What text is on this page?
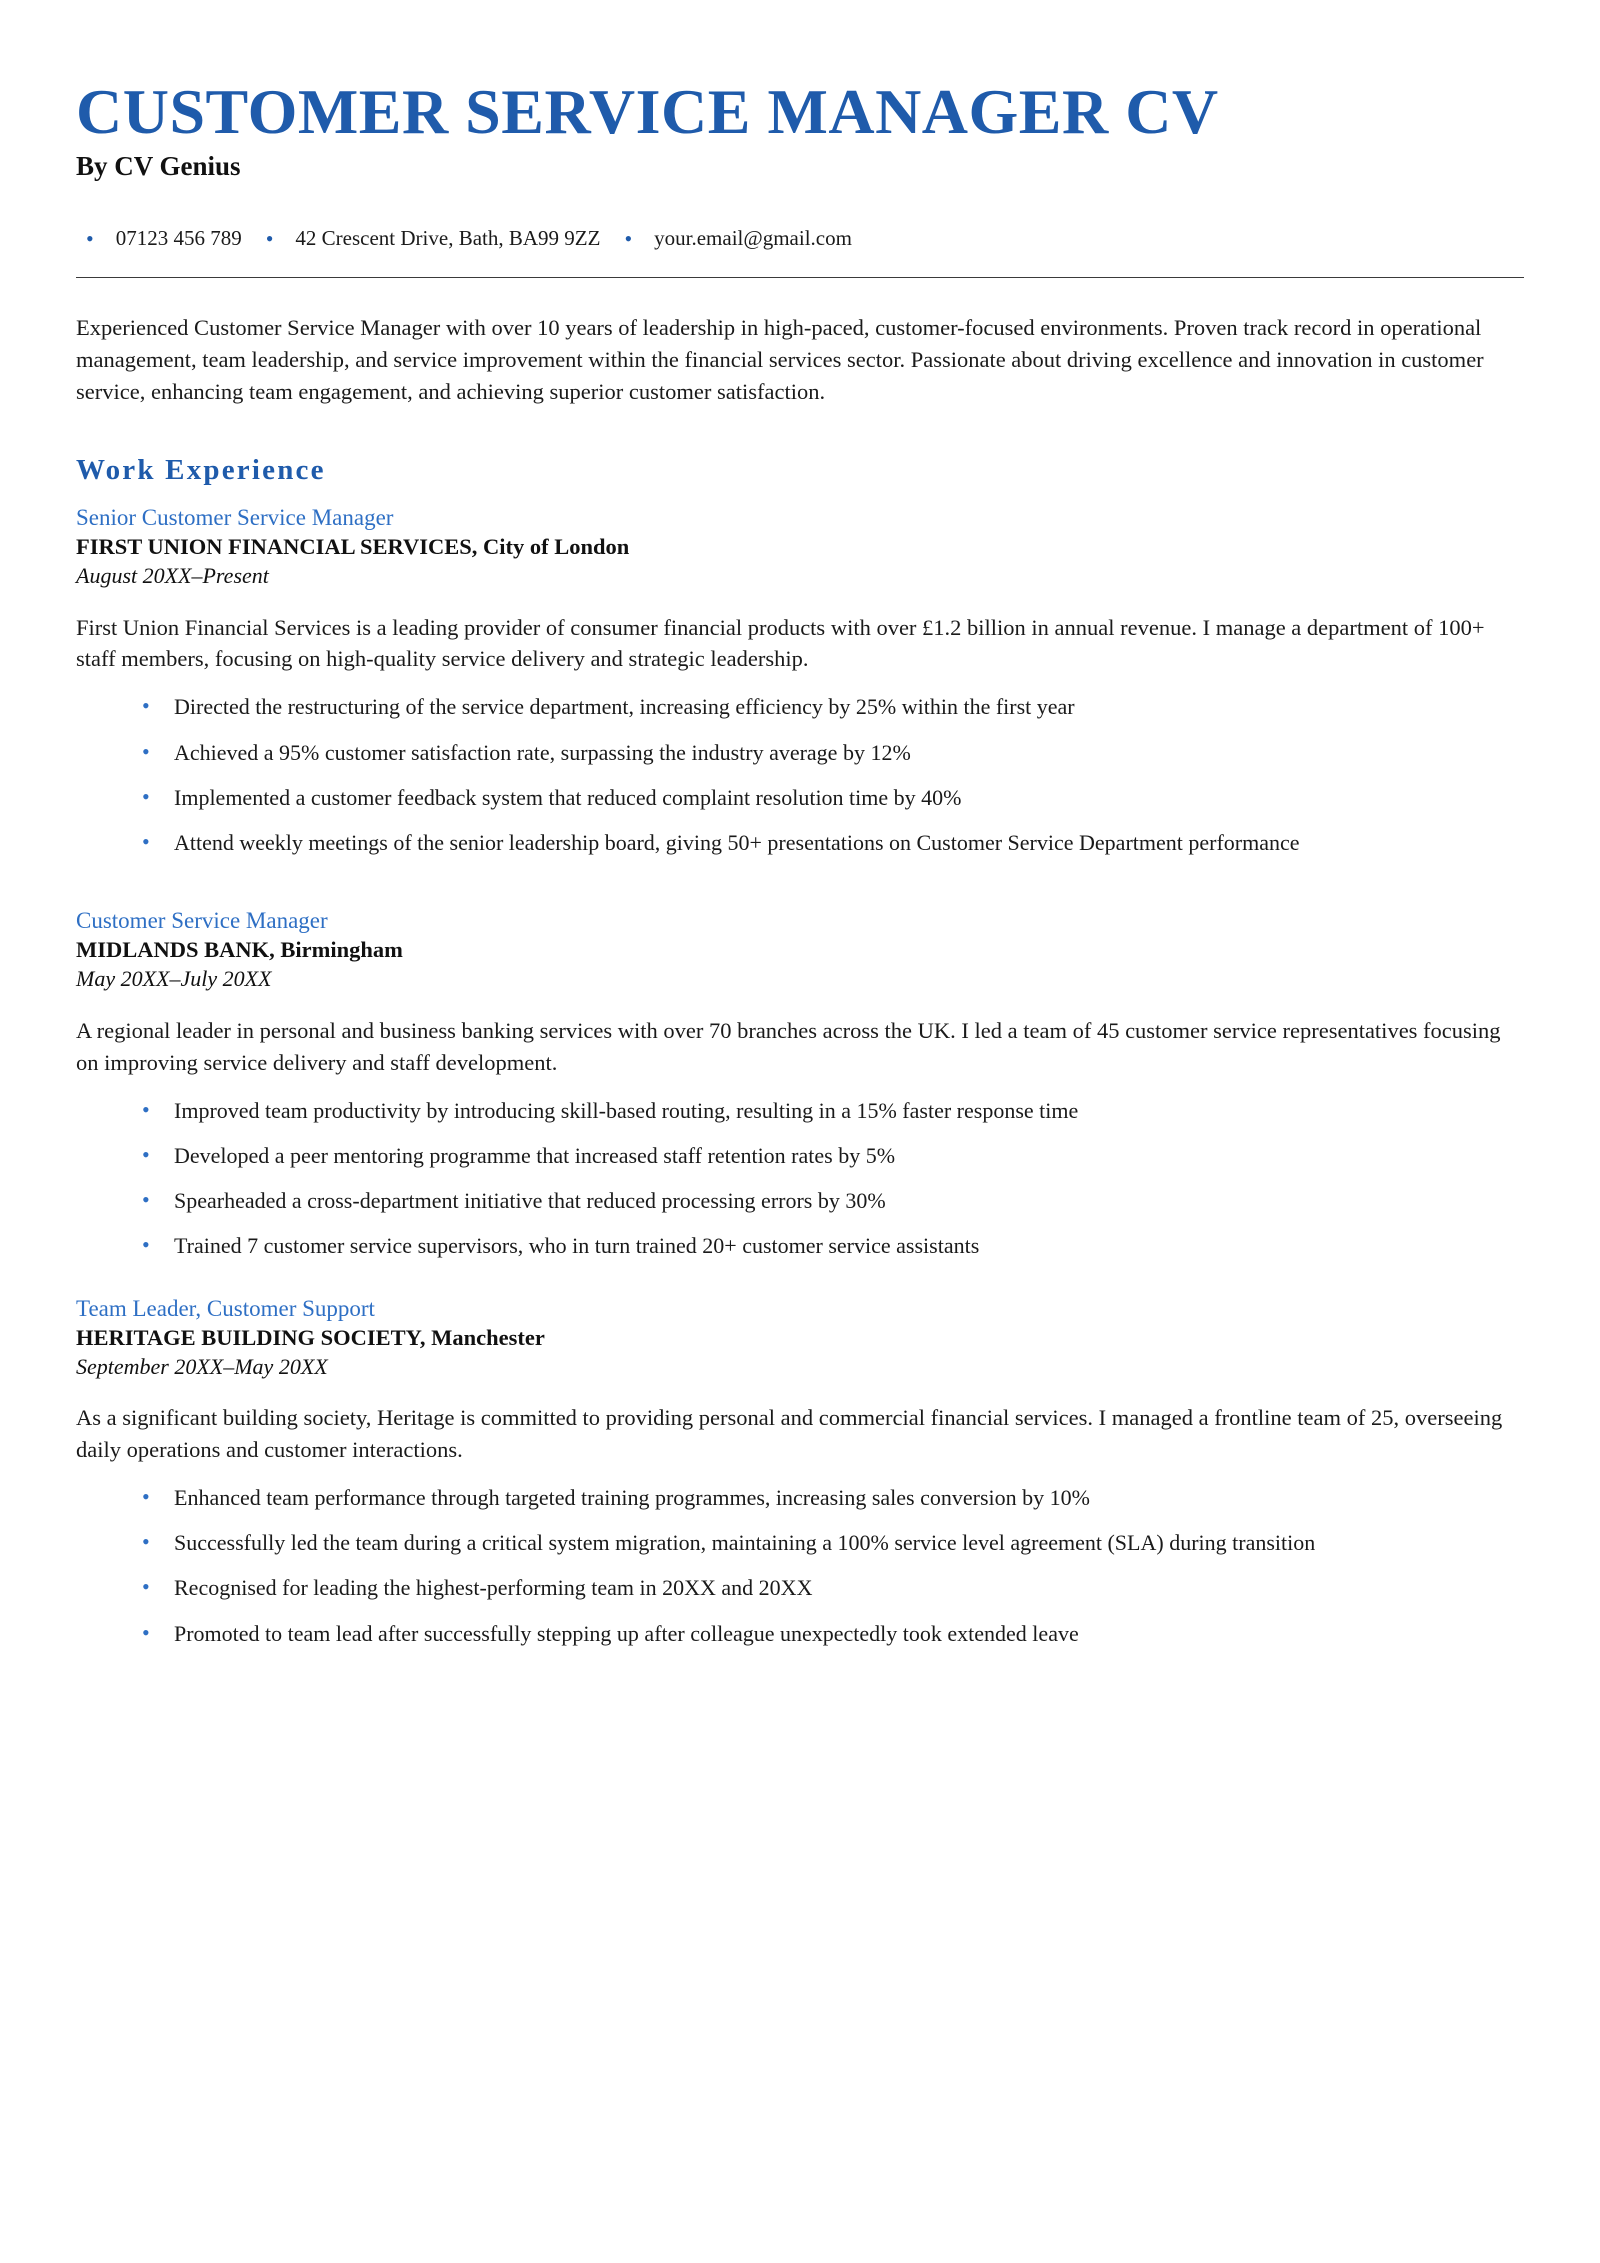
CUSTOMER SERVICE MANAGER CV
By CV Genius
• 07123 456 789 • 42 Crescent Drive, Bath, BA99 9ZZ • your.email@gmail.com

Experienced Customer Service Manager with over 10 years of leadership in high-paced, customer-focused environments. Proven track record in operational management, team leadership, and service improvement within the financial services sector. Passionate about driving excellence and innovation in customer service, enhancing team engagement, and achieving superior customer satisfaction.

Work Experience
Senior Customer Service Manager
FIRST UNION FINANCIAL SERVICES, City of London
August 20XX–Present

First Union Financial Services is a leading provider of consumer financial products with over £1.2 billion in annual revenue. I manage a department of 100+ staff members, focusing on high-quality service delivery and strategic leadership.

• Directed the restructuring of the service department, increasing efficiency by 25% within the first year
• Achieved a 95% customer satisfaction rate, surpassing the industry average by 12%
• Implemented a customer feedback system that reduced complaint resolution time by 40%
• Attend weekly meetings of the senior leadership board, giving 50+ presentations on Customer Service Department performance
Customer Service Manager
MIDLANDS BANK, Birmingham
May 20XX–July 20XX

A regional leader in personal and business banking services with over 70 branches across the UK. I led a team of 45 customer service representatives focusing on improving service delivery and staff development.

• Improved team productivity by introducing skill-based routing, resulting in a 15% faster response time
• Developed a peer mentoring programme that increased staff retention rates by 5%
• Spearheaded a cross-department initiative that reduced processing errors by 30%
• Trained 7 customer service supervisors, who in turn trained 20+ customer service assistants
Team Leader, Customer Support
HERITAGE BUILDING SOCIETY, Manchester
September 20XX–May 20XX

As a significant building society, Heritage is committed to providing personal and commercial financial services. I managed a frontline team of 25, overseeing daily operations and customer interactions.

• Enhanced team performance through targeted training programmes, increasing sales conversion by 10%
• Successfully led the team during a critical system migration, maintaining a 100% service level agreement (SLA) during transition
• Recognised for leading the highest-performing team in 20XX and 20XX
• Promoted to team lead after successfully stepping up after colleague unexpectedly took extended leave
